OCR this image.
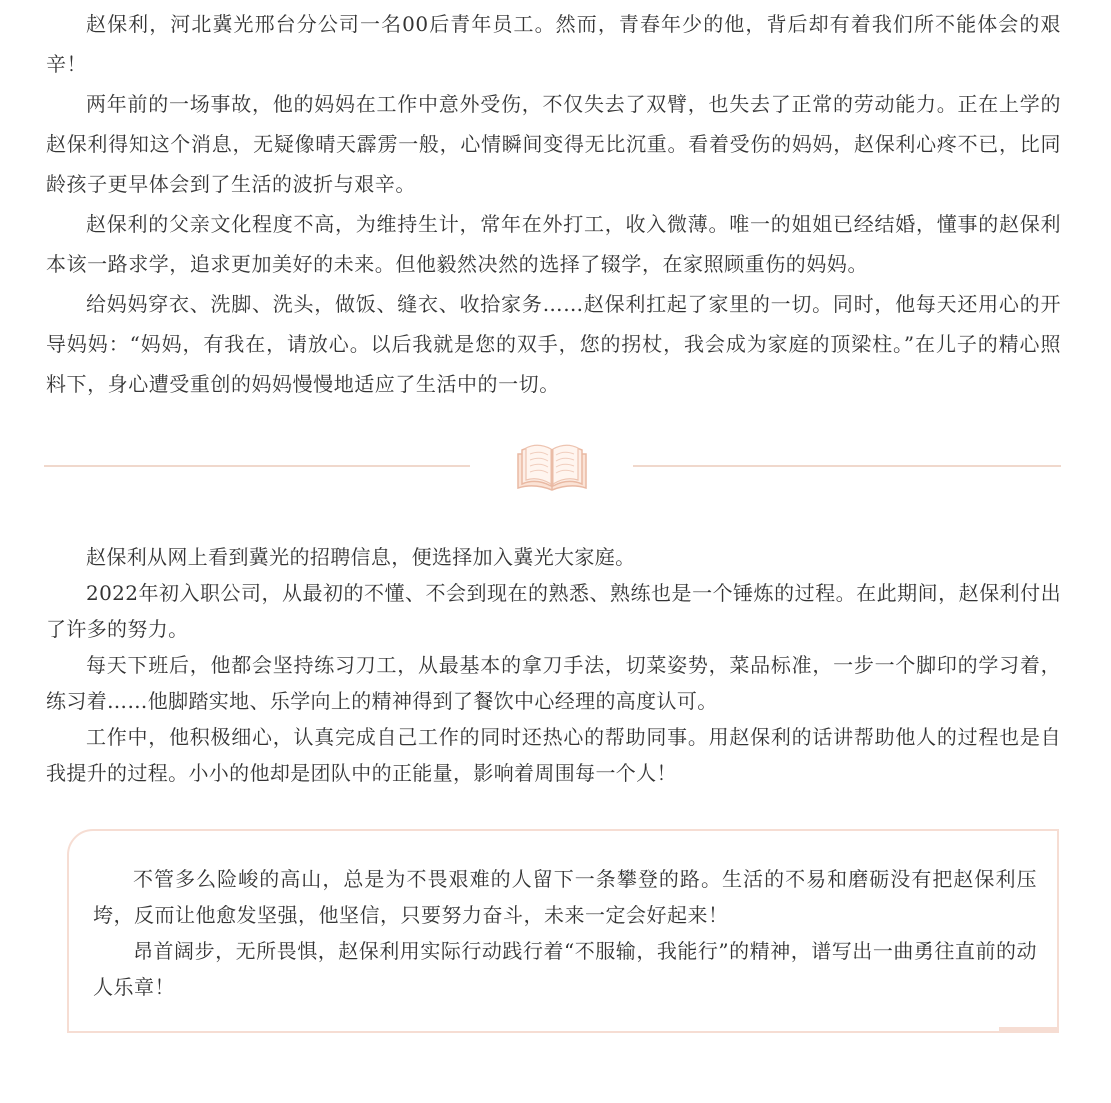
赵保利，河北冀光邢台分公司一名00后青年员工。然而，青春年少的他，背后却有着我们所不能体会的艰辛！

两年前的一场事故，他的妈妈在工作中意外受伤，不仅失去了双臂，也失去了正常的劳动能力。正在上学的赵保利得知这个消息，无疑像晴天霹雳一般，心情瞬间变得无比沉重。看着受伤的妈妈，赵保利心疼不已，比同龄孩子更早体会到了生活的波折与艰辛。

赵保利的父亲文化程度不高，为维持生计，常年在外打工，收入微薄。唯一的姐姐已经结婚，懂事的赵保利本该一路求学，追求更加美好的未来。但他毅然决然的选择了辍学，在家照顾重伤的妈妈。

给妈妈穿衣、洗脚、洗头，做饭、缝衣、收拾家务……赵保利扛起了家里的一切。同时，他每天还用心的开导妈妈：“妈妈，有我在，请放心。以后我就是您的双手，您的拐杖，我会成为家庭的顶梁柱。”在儿子的精心照料下，身心遭受重创的妈妈慢慢地适应了生活中的一切。

赵保利从网上看到冀光的招聘信息，便选择加入冀光大家庭。

2022年初入职公司，从最初的不懂、不会到现在的熟悉、熟练也是一个锤炼的过程。在此期间，赵保利付出了许多的努力。

每天下班后，他都会坚持练习刀工，从最基本的拿刀手法，切菜姿势，菜品标准，一步一个脚印的学习着，练习着……他脚踏实地、乐学向上的精神得到了餐饮中心经理的高度认可。

工作中，他积极细心，认真完成自己工作的同时还热心的帮助同事。用赵保利的话讲帮助他人的过程也是自我提升的过程。小小的他却是团队中的正能量，影响着周围每一个人！

不管多么险峻的高山，总是为不畏艰难的人留下一条攀登的路。生活的不易和磨砺没有把赵保利压垮，反而让他愈发坚强，他坚信，只要努力奋斗，未来一定会好起来！

昂首阔步，无所畏惧，赵保利用实际行动践行着“不服输，我能行”的精神，谱写出一曲勇往直前的动人乐章！
